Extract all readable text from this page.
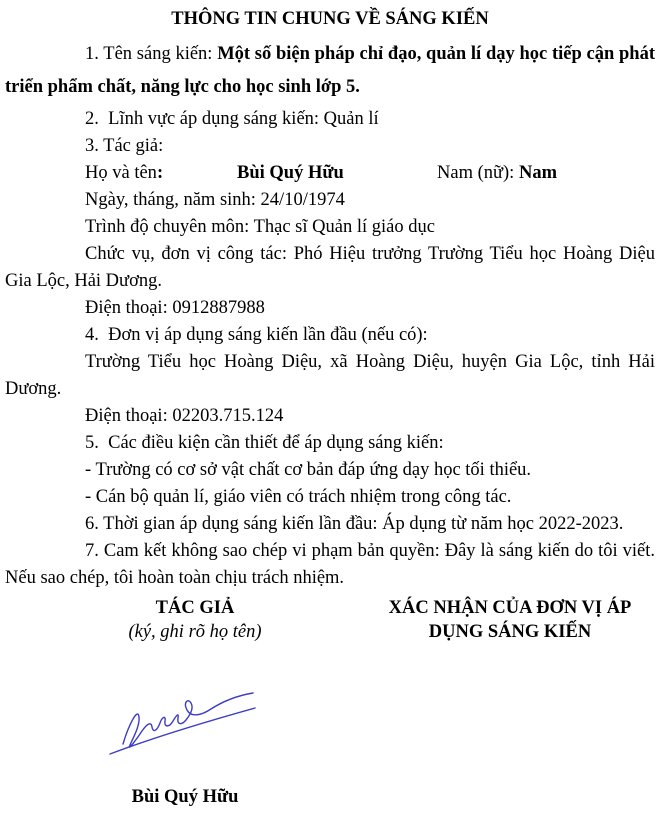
THÔNG TIN CHUNG VỀ SÁNG KIẾN

1. Tên sáng kiến: Một số biện pháp chỉ đạo, quản lí dạy học tiếp cận phát triển phẩm chất, năng lực cho học sinh lớp 5.

2.  Lĩnh vực áp dụng sáng kiến: Quản lí

3. Tác giả:

Họ và tên:	Bùi Quý Hữu	Nam (nữ): Nam

Ngày, tháng, năm sinh: 24/10/1974

Trình độ chuyên môn: Thạc sĩ Quản lí giáo dục

Chức vụ, đơn vị công tác: Phó Hiệu trưởng Trường Tiểu học Hoàng Diệu Gia Lộc, Hải Dương.

Điện thoại: 0912887988

4.  Đơn vị áp dụng sáng kiến lần đầu (nếu có):

Trường Tiểu học Hoàng Diệu, xã Hoàng Diệu, huyện Gia Lộc, tỉnh Hải Dương.

Điện thoại: 02203.715.124

5.  Các điều kiện cần thiết để áp dụng sáng kiến:

- Trường có cơ sở vật chất cơ bản đáp ứng dạy học tối thiểu.

- Cán bộ quản lí, giáo viên có trách nhiệm trong công tác.

6. Thời gian áp dụng sáng kiến lần đầu: Áp dụng từ năm học 2022-2023.

7. Cam kết không sao chép vi phạm bản quyền: Đây là sáng kiến do tôi viết. Nếu sao chép, tôi hoàn toàn chịu trách nhiệm.

TÁC GIẢ
(ký, ghi rõ họ tên)
XÁC NHẬN CỦA ĐƠN VỊ ÁP DỤNG SÁNG KIẾN
Bùi Quý Hữu
